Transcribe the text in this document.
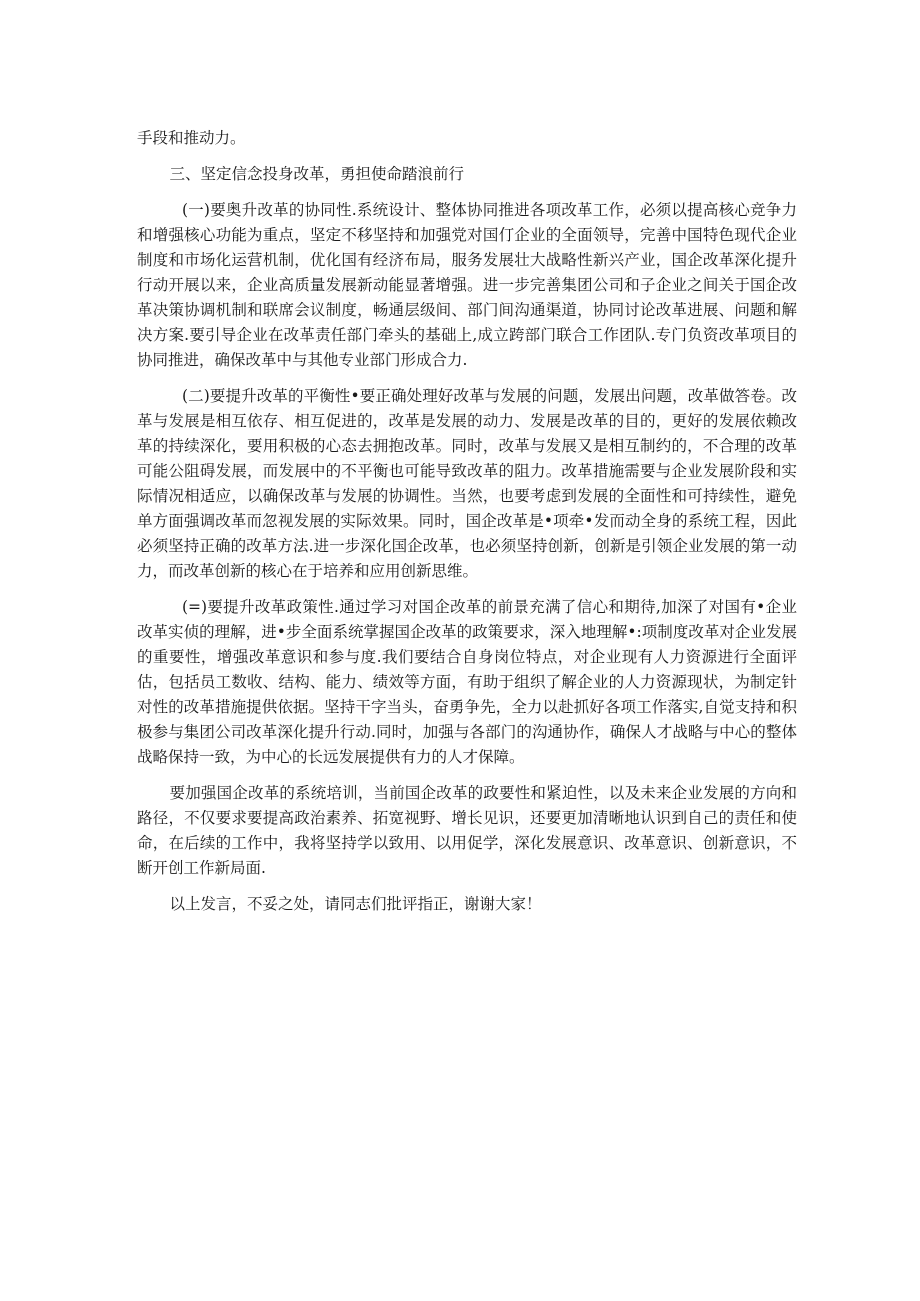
手段和推动力。

三、坚定信念投身改革，勇担使命踏浪前行

(一)要奥升改革的协同性.系统设计、整体协同推进各项改革工作，必须以提高核心竞争力和增强核心功能为重点，坚定不移坚持和加强党对国仃企业的全面领导，完善中国特色现代企业制度和市场化运营机制，优化国有经济布局，服务发展壮大战略性新兴产业，国企改革深化提升行动开展以来，企业高质量发展新动能显著增强。进一步完善集团公司和子企业之间关于国企改革决策协调机制和联席会议制度，畅通层级间、部门间沟通渠道，协同讨论改革进展、问题和解决方案.要引导企业在改革责任部门牵头的基础上,成立跨部门联合工作团队.专门负资改革项目的协同推进，确保改革中与其他专业部门形成合力.

(二)要提升改革的平衡性•要正确处理好改革与发展的问题，发展出问题，改革做答卷。改革与发展是相互依存、相互促进的，改革是发展的动力、发展是改革的目的，更好的发展依赖改革的持续深化，要用积极的心态去拥抱改革。同时，改革与发展又是相互制约的，不合理的改革可能公阻碍发展，而发展中的不平衡也可能导致改革的阻力。改革措施需要与企业发展阶段和实际情况相适应，以确保改革与发展的协调性。当然，也要考虑到发展的全面性和可持续性，避免单方面强调改革而忽视发展的实际效果。同时，国企改革是•项牵•发而动全身的系统工程，因此必须坚持正确的改革方法.进一步深化国企改革，也必须坚持创新，创新是引领企业发展的第一动力，而改革创新的核心在于培养和应用创新思维。

(=)要提升改革政策性.通过学习对国企改革的前景充满了信心和期待,加深了对国有•企业改革实侦的理解，进•步全面系统掌握国企改革的政策要求，深入地理解•:项制度改革对企业发展的重要性，增强改革意识和参与度.我们要结合自身岗位特点，对企业现有人力资源进行全面评估，包括员工数收、结构、能力、绩效等方面，有助于组织了解企业的人力资源现状，为制定针对性的改革措施提供依据。坚持干字当头，奋勇争先，全力以赴抓好各项工作落实,自觉支持和积极参与集团公司改革深化提升行动.同时，加强与各部门的沟通协作，确保人才战略与中心的整体战略保持一致，为中心的长远发展提供有力的人才保障。

要加强国企改革的系统培训，当前国企改革的政要性和紧迫性，以及未来企业发展的方向和路径，不仅要求要提高政治素养、拓宽视野、增长见识，还要更加清晰地认识到自己的责任和使命，在后续的工作中，我将坚持学以致用、以用促学，深化发展意识、改革意识、创新意识，不断开创工作新局面.

以上发言，不妥之处，请同志们批评指正，谢谢大家！
